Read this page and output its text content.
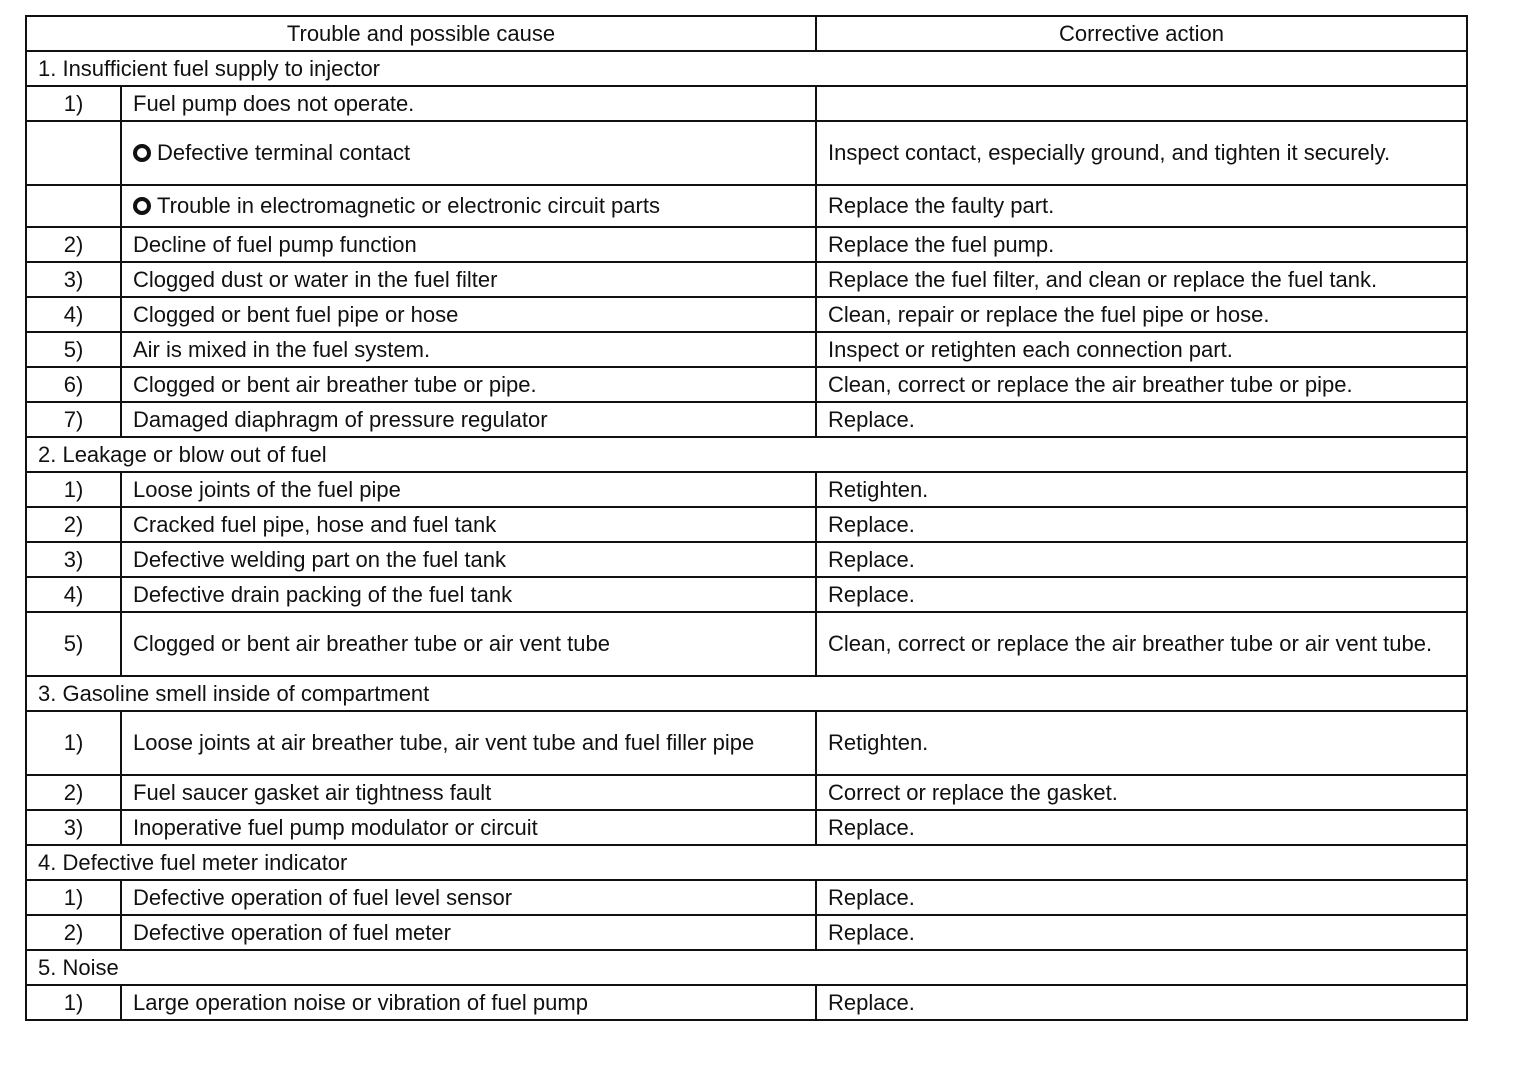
Trouble and possible cause		Corrective action
1. Insufficient fuel supply to injector		
1)	Fuel pump does not operate.	
	Defective terminal contact	Inspect contact, especially ground, and tighten it securely.
	Trouble in electromagnetic or electronic circuit parts	Replace the faulty part.
2)	Decline of fuel pump function	Replace the fuel pump.
3)	Clogged dust or water in the fuel filter	Replace the fuel filter, and clean or replace the fuel tank.
4)	Clogged or bent fuel pipe or hose	Clean, repair or replace the fuel pipe or hose.
5)	Air is mixed in the fuel system.	Inspect or retighten each connection part.
6)	Clogged or bent air breather tube or pipe.	Clean, correct or replace the air breather tube or pipe.
7)	Damaged diaphragm of pressure regulator	Replace.
2. Leakage or blow out of fuel		
1)	Loose joints of the fuel pipe	Retighten.
2)	Cracked fuel pipe, hose and fuel tank	Replace.
3)	Defective welding part on the fuel tank	Replace.
4)	Defective drain packing of the fuel tank	Replace.
5)	Clogged or bent air breather tube or air vent tube	Clean, correct or replace the air breather tube or air vent tube.
3. Gasoline smell inside of compartment		
1)	Loose joints at air breather tube, air vent tube and fuel filler pipe	Retighten.
2)	Fuel saucer gasket air tightness fault	Correct or replace the gasket.
3)	Inoperative fuel pump modulator or circuit	Replace.
4. Defective fuel meter indicator		
1)	Defective operation of fuel level sensor	Replace.
2)	Defective operation of fuel meter	Replace.
5. Noise		
1)	Large operation noise or vibration of fuel pump	Replace.
